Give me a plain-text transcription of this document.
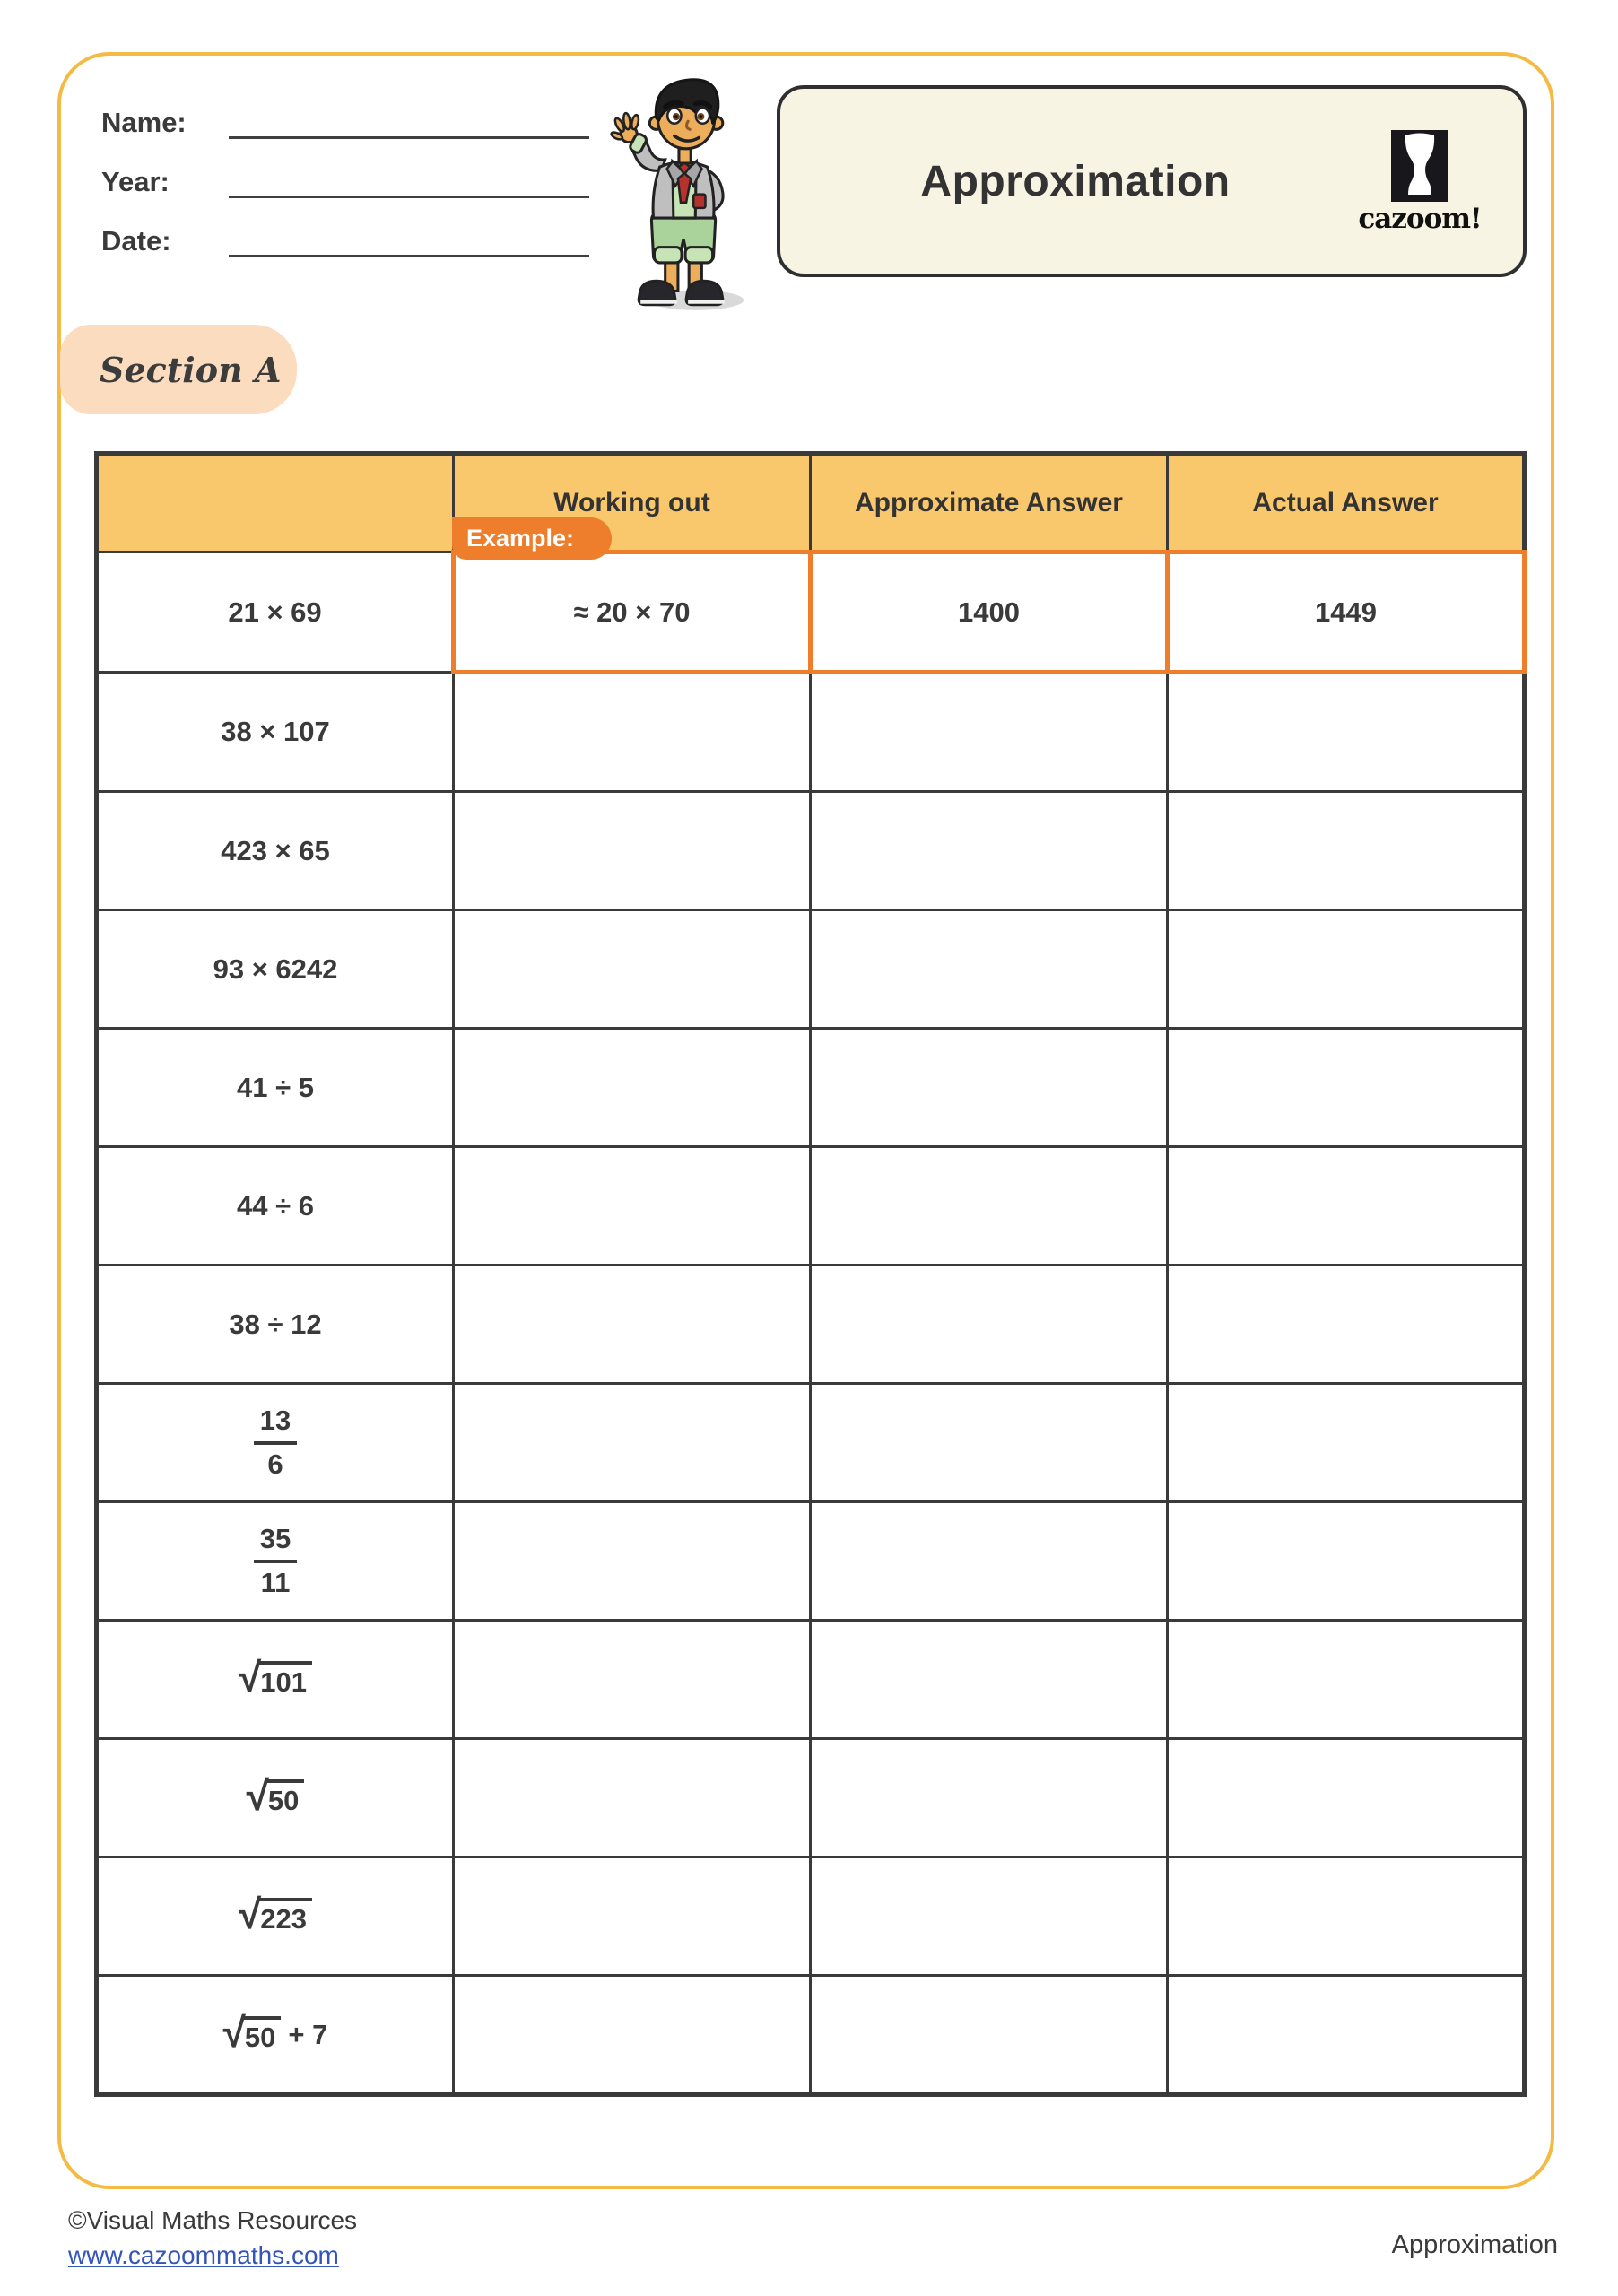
Name:
Year:
Date:
Approximation
cazoom!
Section A
	Working out	Approximate Answer	Actual Answer
21 × 69	≈ 20 × 70	1400	1449
38 × 107			
423 × 65			
93 × 6242			
41 ÷ 5			
44 ÷ 6			
38 ÷ 12			

$\frac{13}{6}$

$\frac{35}{11}$

√ 101			

√ 50			

√ 223			

√ 50 + 7			
Example:
©Visual Maths Resources
www.cazoommaths.com	Approximation
